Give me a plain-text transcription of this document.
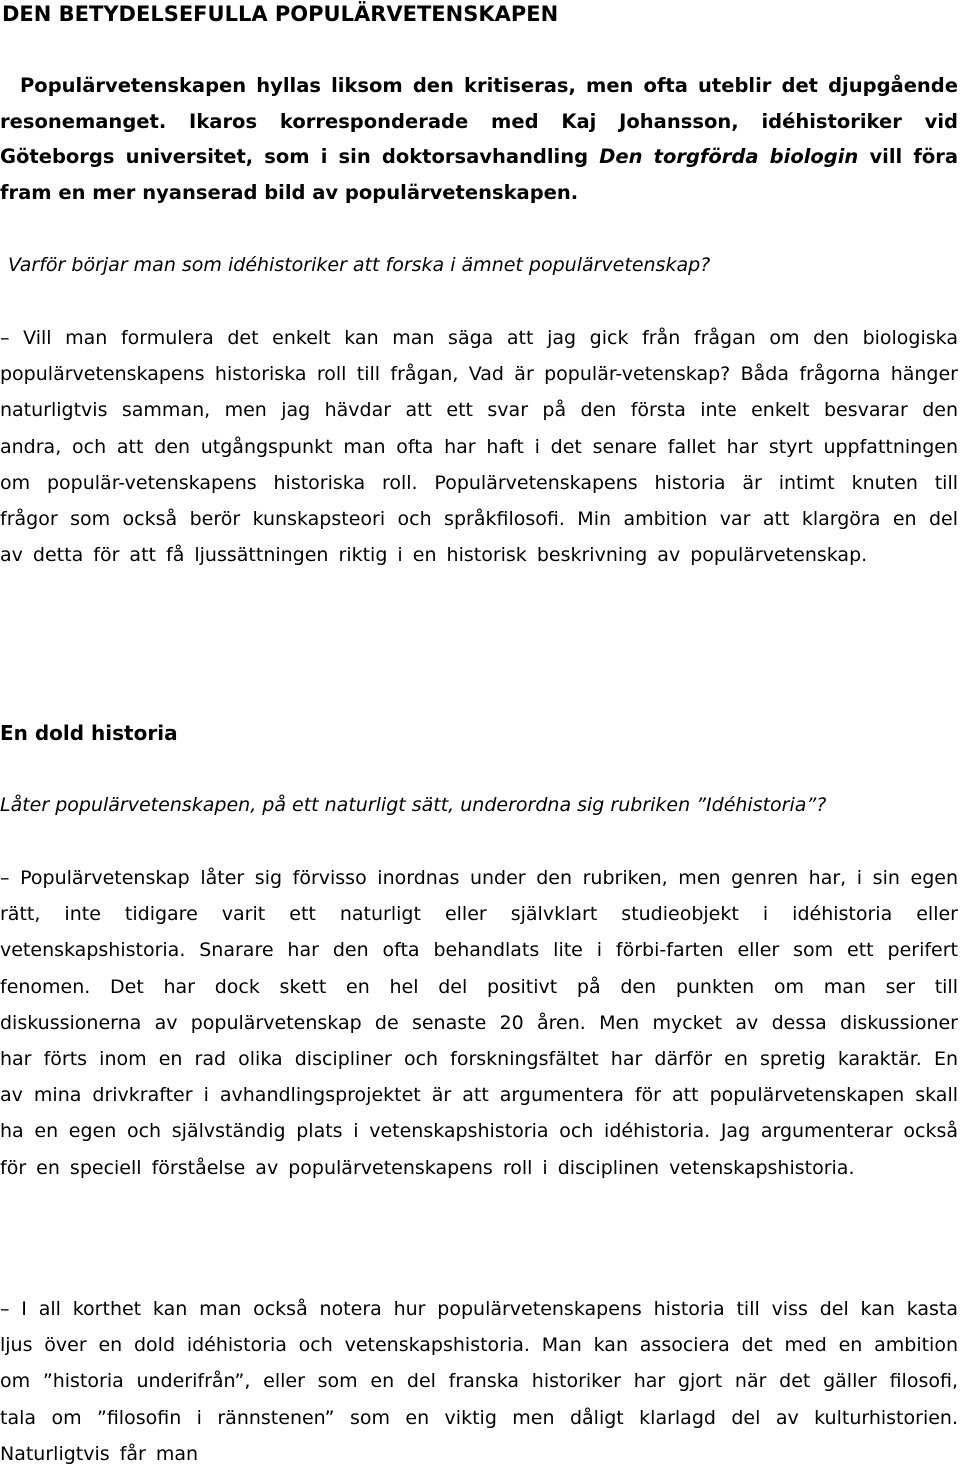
DEN BETYDELSEFULLA POPULÄRVETENSKAPEN

Populärvetenskapen hyllas liksom den kritiseras, men ofta uteblir det djupgående resonemanget. Ikaros korresponderade med Kaj Johansson, idéhistoriker vid Göteborgs universitet, som i sin doktorsavhandling Den torgförda biologin vill föra fram en mer nyanserad bild av populärvetenskapen.

Varför börjar man som idéhistoriker att forska i ämnet populärvetenskap?

– Vill man formulera det enkelt kan man säga att jag gick från frågan om den biologiska populärvetenskapens historiska roll till frågan, Vad är populär-vetenskap? Båda frågorna hänger naturligtvis samman, men jag hävdar att ett svar på den första inte enkelt besvarar den andra, och att den utgångspunkt man ofta har haft i det senare fallet har styrt uppfattningen om populär-vetenskapens historiska roll. Populärvetenskapens historia är intimt knuten till frågor som också berör kunskapsteori och språkfilosofi. Min ambition var att klargöra en del av detta för att få ljussättningen riktig i en historisk beskrivning av populärvetenskap.

En dold historia

Låter populärvetenskapen, på ett naturligt sätt, underordna sig rubriken ”Idéhistoria”?

– Populärvetenskap låter sig förvisso inordnas under den rubriken, men genren har, i sin egen rätt, inte tidigare varit ett naturligt eller självklart studieobjekt i idéhistoria eller vetenskapshistoria. Snarare har den ofta behandlats lite i förbi-farten eller som ett perifert fenomen. Det har dock skett en hel del positivt på den punkten om man ser till diskussionerna av populärvetenskap de senaste 20 åren. Men mycket av dessa diskussioner har förts inom en rad olika discipliner och forskningsfältet har därför en spretig karaktär. En av mina drivkrafter i avhandlingsprojektet är att argumentera för att populärvetenskapen skall ha en egen och självständig plats i vetenskapshistoria och idéhistoria. Jag argumenterar också för en speciell förståelse av populärvetenskapens roll i disciplinen vetenskapshistoria.

– I all korthet kan man också notera hur populärvetenskapens historia till viss del kan kasta ljus över en dold idéhistoria och vetenskapshistoria. Man kan associera det med en ambition om ”historia underifrån”, eller som en del franska historiker har gjort när det gäller filosofi, tala om ”filosofin i rännstenen” som en viktig men dåligt klarlagd del av kulturhistorien. Naturligtvis får man
